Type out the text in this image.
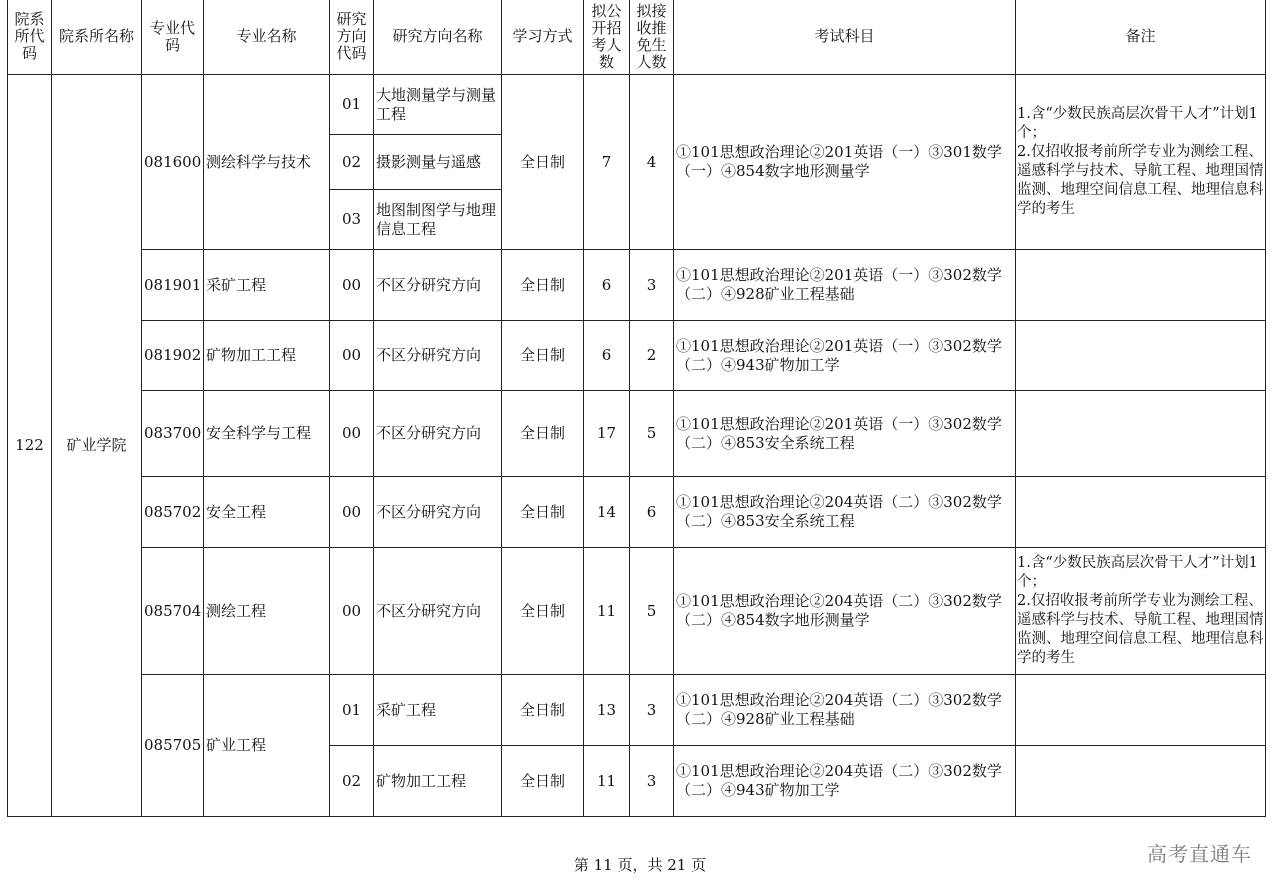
院系所代码	院系所名称	专业代码	专业名称	研究方向代码	研究方向名称	学习方式	拟公开招考人数	拟接收推免生人数	考试科目	备注
122	矿业学院	081600	测绘科学与技术	01	大地测量学与测量工程	全日制	7	4	①101思想政治理论②201英语（一）③301数学（一）④854数字地形测量学	1.含“少数民族高层次骨干人才”计划1个；
2.仅招收报考前所学专业为测绘工程、遥感科学与技术、导航工程、地理国情监测、地理空间信息工程、地理信息科学的考生
				02	摄影测量与遥感					
				03	地图制图学与地理信息工程					
		081901	采矿工程	00	不区分研究方向	全日制	6	3	①101思想政治理论②201英语（一）③302数学（二）④928矿业工程基础	
		081902	矿物加工工程	00	不区分研究方向	全日制	6	2	①101思想政治理论②201英语（一）③302数学（二）④943矿物加工学	
		083700	安全科学与工程	00	不区分研究方向	全日制	17	5	①101思想政治理论②201英语（一）③302数学（二）④853安全系统工程	
		085702	安全工程	00	不区分研究方向	全日制	14	6	①101思想政治理论②204英语（二）③302数学（二）④853安全系统工程	
		085704	测绘工程	00	不区分研究方向	全日制	11	5	①101思想政治理论②204英语（二）③302数学（二）④854数字地形测量学	1.含“少数民族高层次骨干人才”计划1个；
2.仅招收报考前所学专业为测绘工程、遥感科学与技术、导航工程、地理国情监测、地理空间信息工程、地理信息科学的考生
		085705	矿业工程	01	采矿工程	全日制	13	3	①101思想政治理论②204英语（二）③302数学（二）④928矿业工程基础	
				02	矿物加工工程	全日制	11	3	①101思想政治理论②204英语（二）③302数学（二）④943矿物加工学	
第 11 页，共 21 页	高考直通车
